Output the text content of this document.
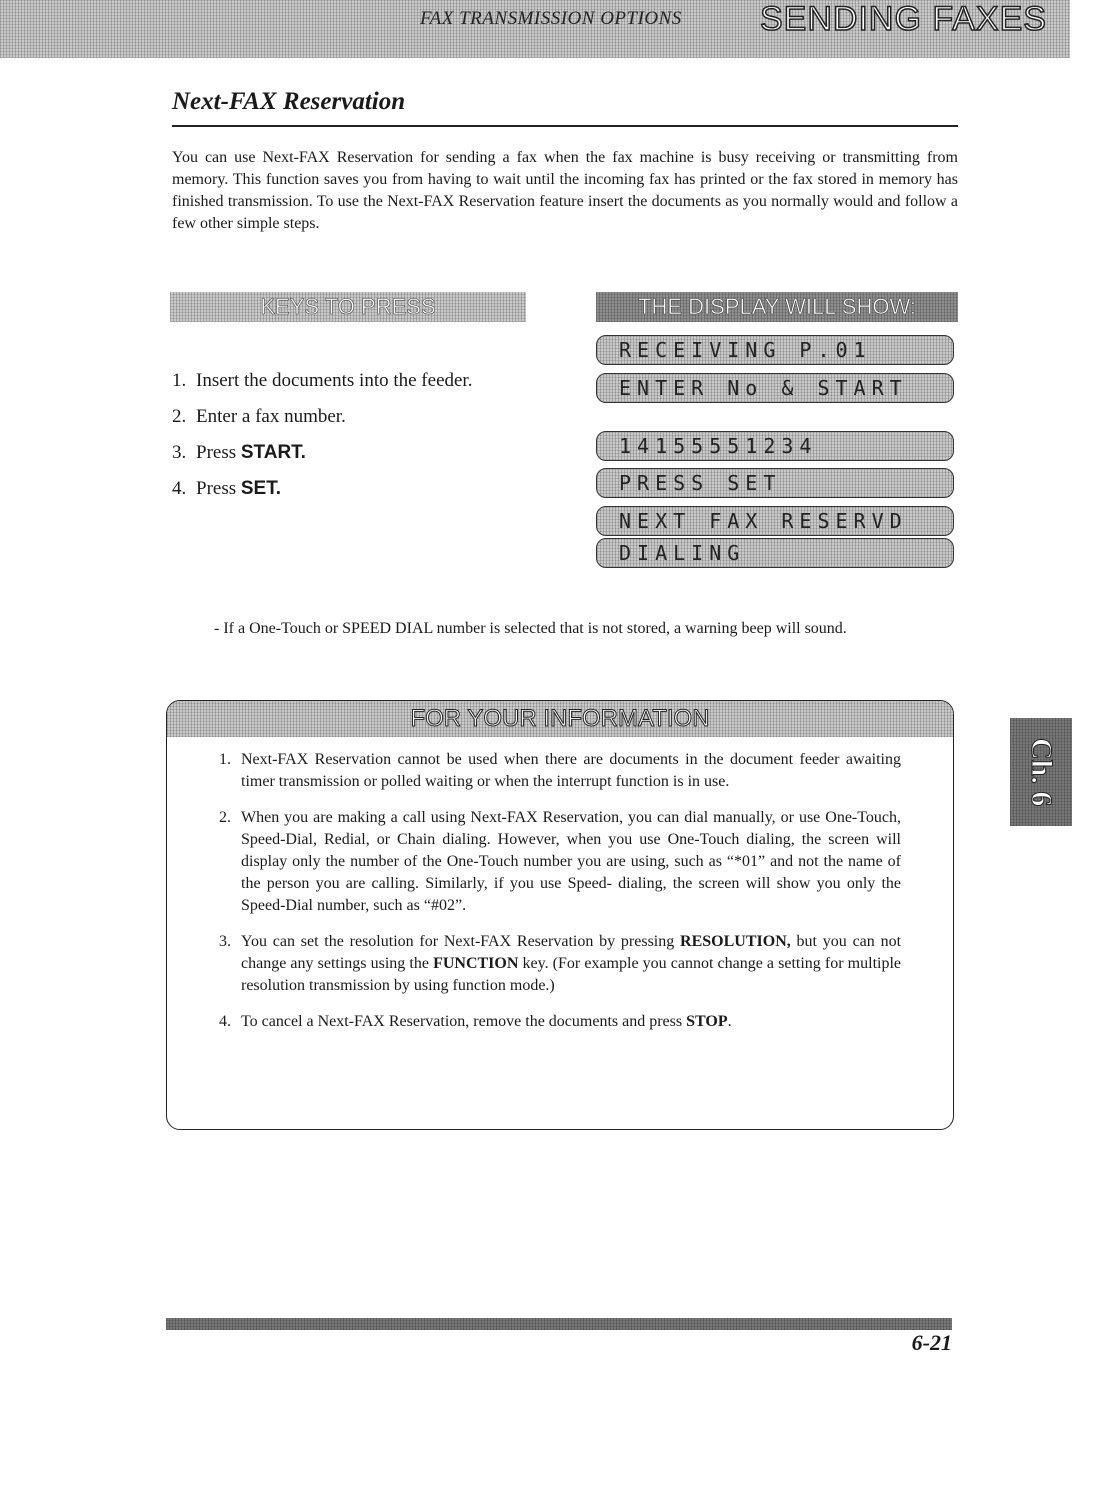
FAX TRANSMISSION OPTIONS SENDING FAXES
Next-FAX Reservation
You can use Next-FAX Reservation for sending a fax when the fax machine is busy receiving or transmitting from memory. This function saves you from having to wait until the incoming fax has printed or the fax stored in memory has finished transmission. To use the Next-FAX Reservation feature insert the documents as you normally would and follow a few other simple steps.
KEYS TO PRESS	THE DISPLAY WILL SHOW:
1. Insert the documents into the feeder.
2. Enter a fax number.
3. Press START.
4. Press SET.
RECEIVING P.01
ENTER No & START
14155551234
PRESS SET
NEXT FAX RESERVD
DIALING
- If a One-Touch or SPEED DIAL number is selected that is not stored, a warning beep will sound.
FOR YOUR INFORMATION
1. Next-FAX Reservation cannot be used when there are documents in the document feeder awaiting timer transmission or polled waiting or when the interrupt function is in use.
2. When you are making a call using Next-FAX Reservation, you can dial manually, or use One-Touch, Speed-Dial, Redial, or Chain dialing. However, when you use One-Touch dialing, the screen will display only the number of the One-Touch number you are using, such as “*01” and not the name of the person you are calling. Similarly, if you use Speed- dialing, the screen will show you only the Speed-Dial number, such as “#02”.
3. You can set the resolution for Next-FAX Reservation by pressing RESOLUTION, but you can not change any settings using the FUNCTION key. (For example you cannot change a setting for multiple resolution transmission by using function mode.)
4. To cancel a Next-FAX Reservation, remove the documents and press STOP.
Ch. 6
6-21
